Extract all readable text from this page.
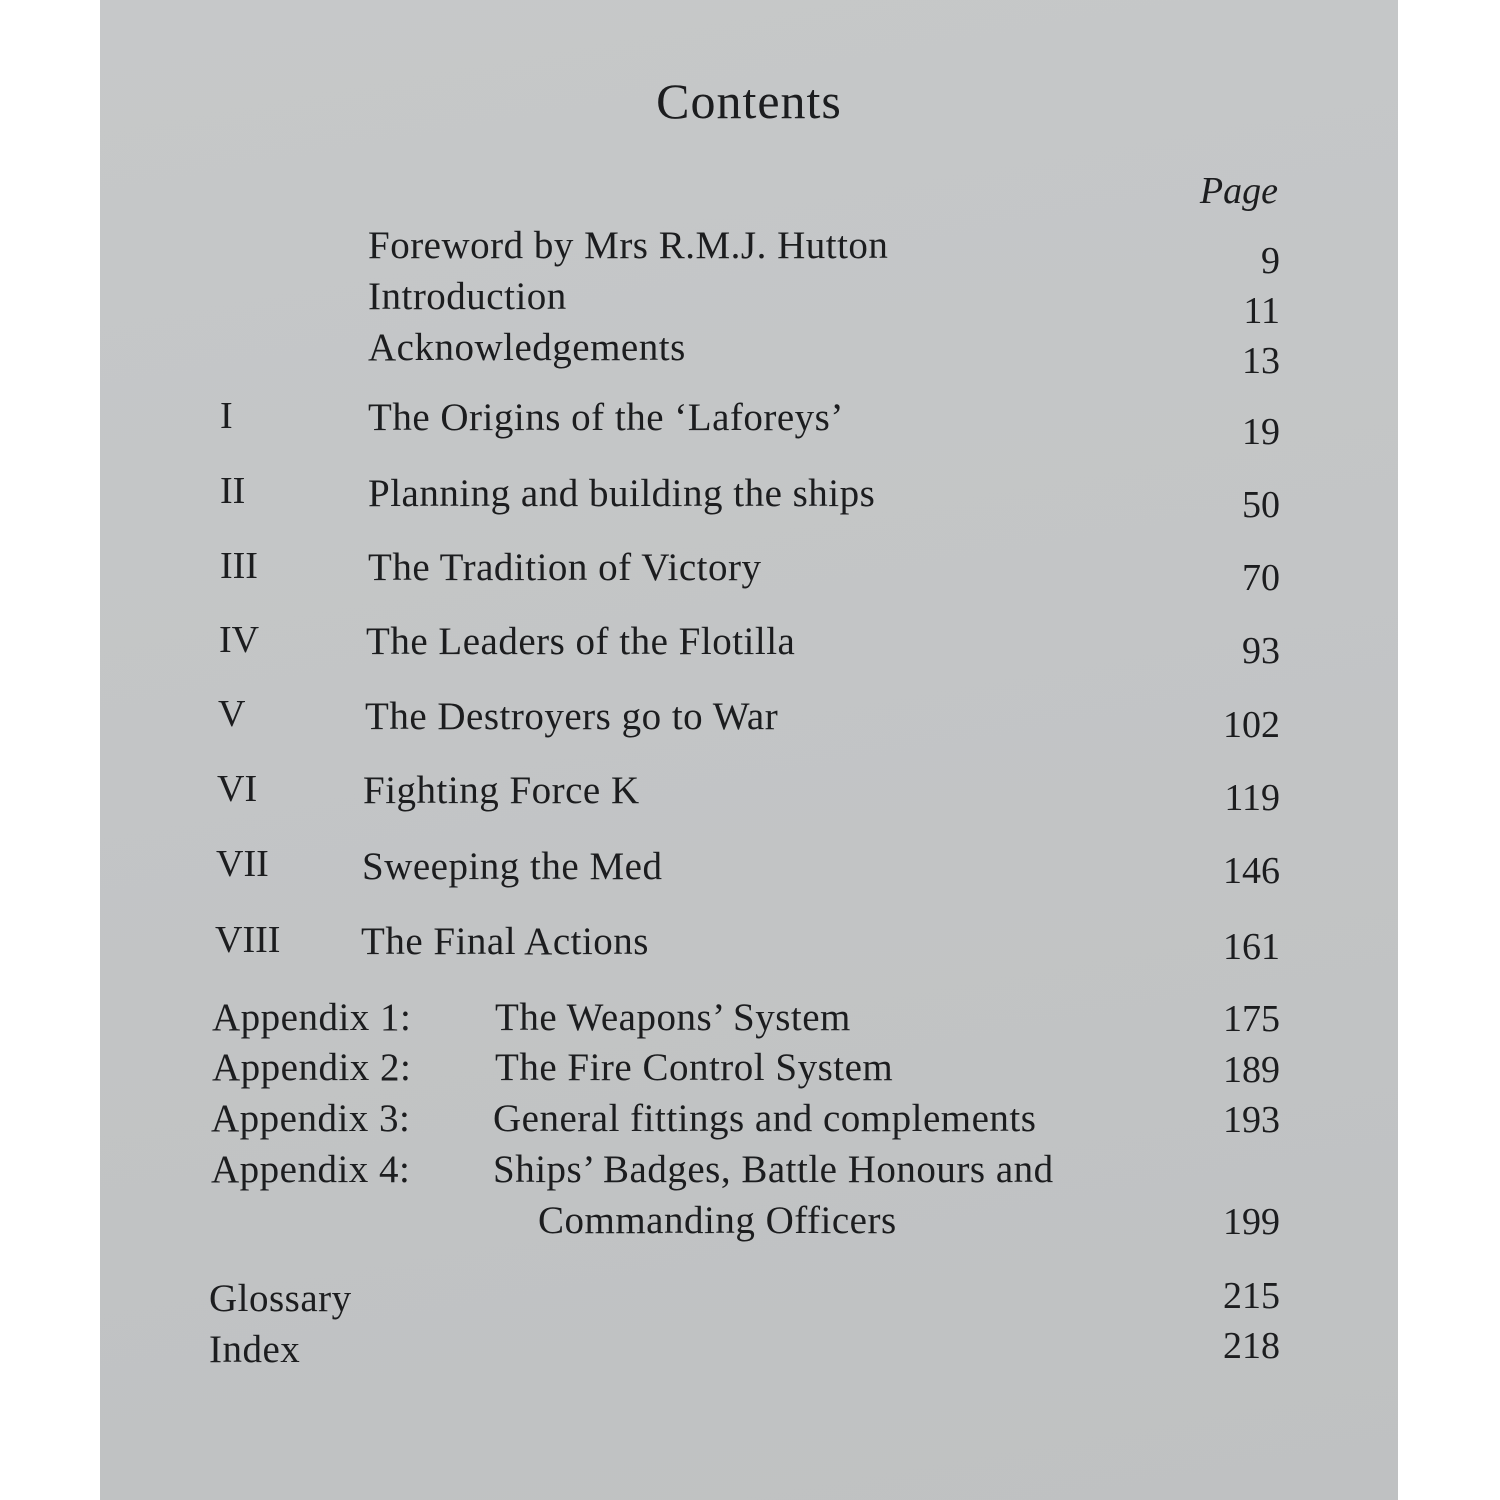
Contents
Page
Foreword by Mrs R.M.J. Hutton	9
Introduction	11
Acknowledgements	13
I	The Origins of the ‘Laforeys’	19
II	Planning and building the ships	50
III	The Tradition of Victory	70
IV	The Leaders of the Flotilla	93
V	The Destroyers go to War	102
VI	Fighting Force K	119
VII Sweeping the Med	146
VIII The Final Actions	161
Appendix 1: The Weapons’ System	175
Appendix 2: The Fire Control System	189
Appendix 3: General fittings and complements	193
Appendix 4: Ships’ Badges, Battle Honours and
Commanding Officers	199
Glossary	215
Index	218
